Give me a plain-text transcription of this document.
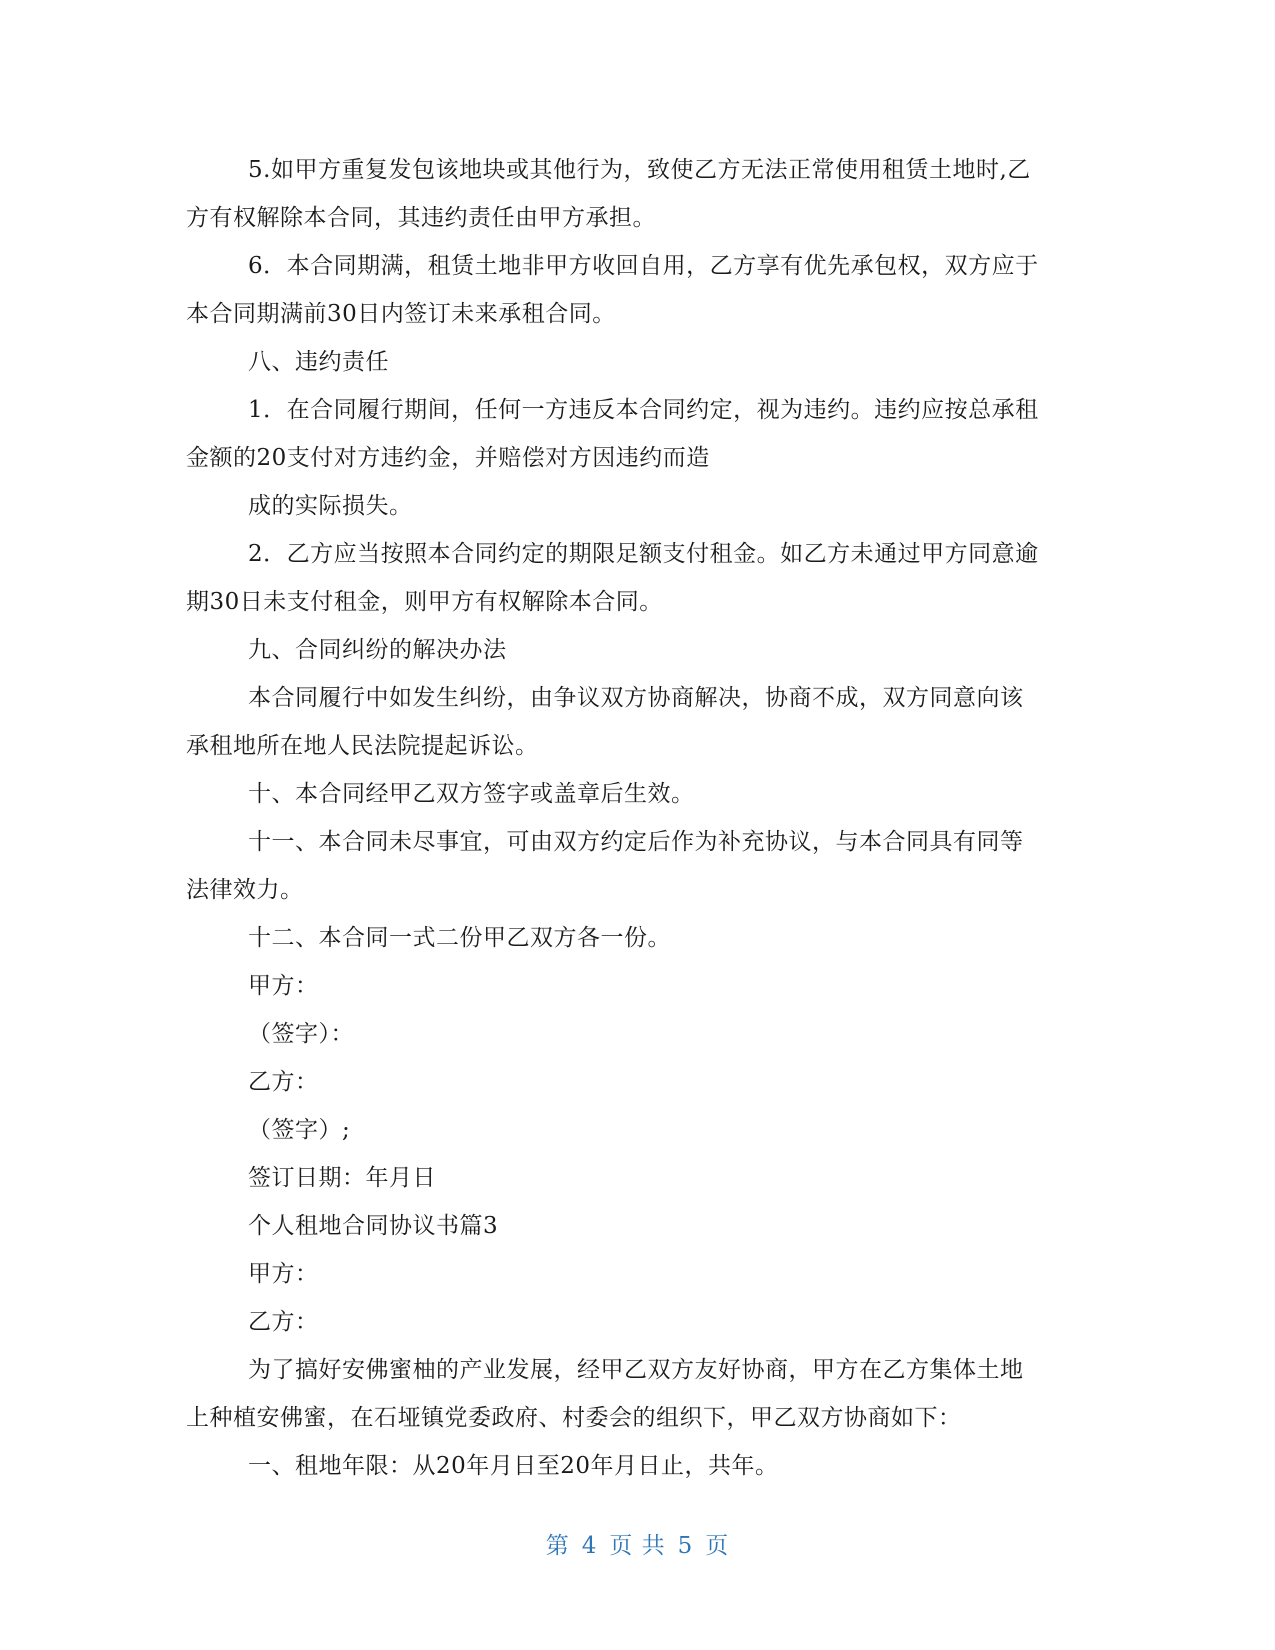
5.如甲方重复发包该地块或其他行为，致使乙方无法正常使用租赁土地时,乙
方有权解除本合同，其违约责任由甲方承担。
6．本合同期满，租赁土地非甲方收回自用，乙方享有优先承包权，双方应于
本合同期满前30日内签订未来承租合同。
八、违约责任
1．在合同履行期间，任何一方违反本合同约定，视为违约。违约应按总承租
金额的20支付对方违约金，并赔偿对方因违约而造
成的实际损失。
2．乙方应当按照本合同约定的期限足额支付租金。如乙方未通过甲方同意逾
期30日未支付租金，则甲方有权解除本合同。
九、合同纠纷的解决办法
本合同履行中如发生纠纷，由争议双方协商解决，协商不成，双方同意向该
承租地所在地人民法院提起诉讼。
十、本合同经甲乙双方签字或盖章后生效。
十一、本合同未尽事宜，可由双方约定后作为补充协议，与本合同具有同等
法律效力。
十二、本合同一式二份甲乙双方各一份。
甲方：
（签字）：
乙方：
（签字）;
签订日期：年月日
个人租地合同协议书篇3
甲方：
乙方：
为了搞好安佛蜜柚的产业发展，经甲乙双方友好协商，甲方在乙方集体土地
上种植安佛蜜，在石垭镇党委政府、村委会的组织下，甲乙双方协商如下：
一、租地年限：从20年月日至20年月日止，共年。
第 4 页 共 5 页
